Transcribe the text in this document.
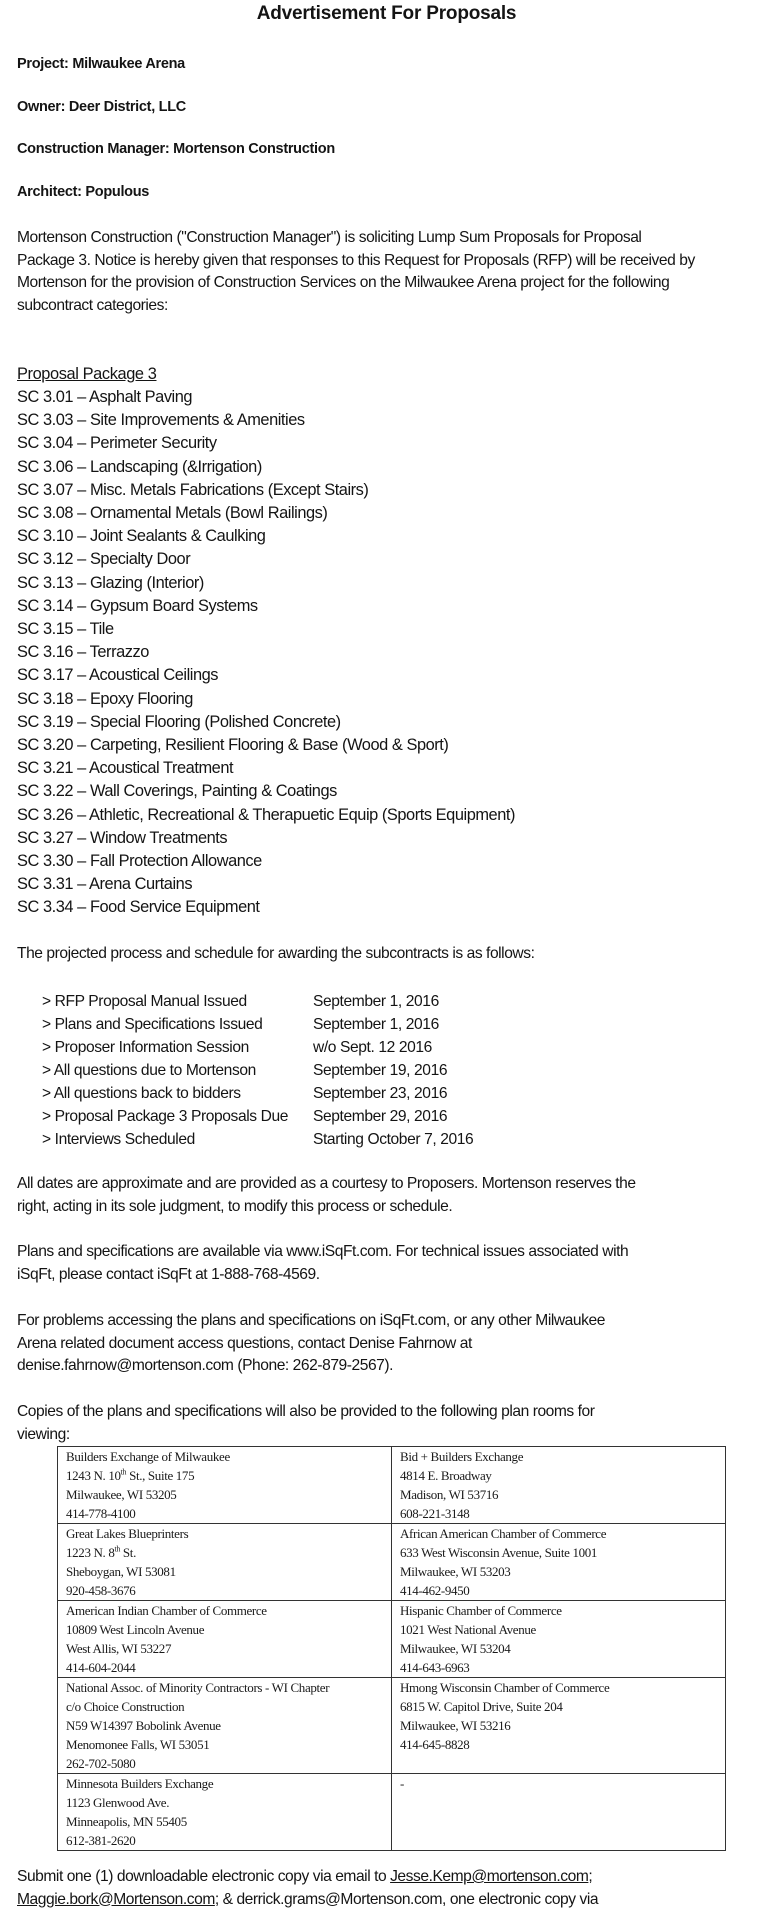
Advertisement For Proposals
Project: Milwaukee Arena
Owner: Deer District, LLC
Construction Manager: Mortenson Construction
Architect: Populous
Mortenson Construction ("Construction Manager") is soliciting Lump Sum Proposals for Proposal
Package 3. Notice is hereby given that responses to this Request for Proposals (RFP) will be received by
Mortenson for the provision of Construction Services on the Milwaukee Arena project for the following
subcontract categories:
Proposal Package 3
SC 3.01 – Asphalt Paving
SC 3.03 – Site Improvements & Amenities
SC 3.04 – Perimeter Security
SC 3.06 – Landscaping (&Irrigation)
SC 3.07 – Misc. Metals Fabrications (Except Stairs)
SC 3.08 – Ornamental Metals (Bowl Railings)
SC 3.10 – Joint Sealants & Caulking
SC 3.12 – Specialty Door
SC 3.13 – Glazing (Interior)
SC 3.14 – Gypsum Board Systems
SC 3.15 – Tile
SC 3.16 – Terrazzo
SC 3.17 – Acoustical Ceilings
SC 3.18 – Epoxy Flooring
SC 3.19 – Special Flooring (Polished Concrete)
SC 3.20 – Carpeting, Resilient Flooring & Base (Wood & Sport)
SC 3.21 – Acoustical Treatment
SC 3.22 – Wall Coverings, Painting & Coatings
SC 3.26 – Athletic, Recreational & Therapuetic Equip (Sports Equipment)
SC 3.27 – Window Treatments
SC 3.30 – Fall Protection Allowance
SC 3.31 – Arena Curtains
SC 3.34 – Food Service Equipment
The projected process and schedule for awarding the subcontracts is as follows:
> RFP Proposal Manual Issued	September 1, 2016
> Plans and Specifications Issued	September 1, 2016
> Proposer Information Session	w/o Sept. 12 2016
> All questions due to Mortenson	September 19, 2016
> All questions back to bidders	September 23, 2016
> Proposal Package 3 Proposals Due	September 29, 2016
> Interviews Scheduled	Starting October 7, 2016
All dates are approximate and are provided as a courtesy to Proposers. Mortenson reserves the
right, acting in its sole judgment, to modify this process or schedule.
Plans and specifications are available via www.iSqFt.com. For technical issues associated with
iSqFt, please contact iSqFt at 1-888-768-4569.
For problems accessing the plans and specifications on iSqFt.com, or any other Milwaukee
Arena related document access questions, contact Denise Fahrnow at
denise.fahrnow@mortenson.com (Phone: 262-879-2567).
Copies of the plans and specifications will also be provided to the following plan rooms for
viewing:
Builders Exchange of Milwaukee
1243 N. 10th St., Suite 175
Milwaukee, WI 53205
414-778-4100	Bid + Builders Exchange
4814 E. Broadway
Madison, WI 53716
608-221-3148

Great Lakes Blueprinters
1223 N. 8th St.
Sheboygan, WI 53081
920-458-3676	African American Chamber of Commerce
633 West Wisconsin Avenue, Suite 1001
Milwaukee, WI 53203
414-462-9450

American Indian Chamber of Commerce
10809 West Lincoln Avenue
West Allis, WI 53227
414-604-2044	Hispanic Chamber of Commerce
1021 West National Avenue
Milwaukee, WI 53204
414-643-6963

National Assoc. of Minority Contractors - WI Chapter
c/o Choice Construction
N59 W14397 Bobolink Avenue
Menomonee Falls, WI 53051
262-702-5080	Hmong Wisconsin Chamber of Commerce
6815 W. Capitol Drive, Suite 204
Milwaukee, WI 53216
414-645-8828

Minnesota Builders Exchange
1123 Glenwood Ave.
Minneapolis, MN 55405
612-381-2620	-
Submit one (1) downloadable electronic copy via email to Jesse.Kemp@mortenson.com;
Maggie.bork@Mortenson.com; & derrick.grams@Mortenson.com, one electronic copy via
